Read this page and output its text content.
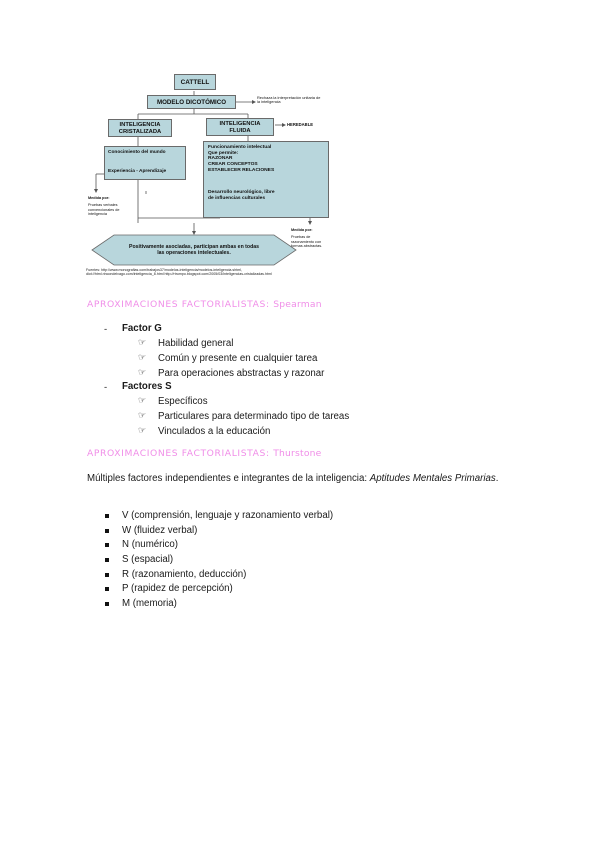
CATTELL
MODELO DICOTÓMICO
Rechaza la interpretación unitaria de
la inteligencia
INTELIGENCIA
CRISTALIZADA
INTELIGENCIA
FLUIDA
HEREDABLE
Conocimiento del mundo
Experiencia - Aprendizaje
Funcionamiento intelectual
Que permite:
RAZONAR
CREAR CONCEPTOS
ESTABLECER RELACIONES
Desarrollo neurológico, libre
de influencias culturales
Medida por:
Pruebas verbales
convencionales de
inteligencia
Medida por:
Pruebas de
razonamiento con
formas abstractas.
Positivamente asociadas, participan ambas en todas
las operaciones intelectuales.
Fuentes: http://www.monografias.com/trabajos37/modelos-inteligencia/modelos-inteligencia.shtml,
diot://html.rincondelvago.com/inteligencia_8.html http://rtrumpo.blogspot.com/2005/03/inteligencias-cristalizadas.html
APROXIMACIONES FACTORIALISTAS: Spearman
- Factor G
☞ Habilidad general
☞ Común y presente en cualquier tarea
☞ Para operaciones abstractas y razonar
- Factores S
☞ Específicos
☞ Particulares para determinado tipo de tareas
☞ Vinculados a la educación
APROXIMACIONES FACTORIALISTAS: Thurstone
Múltiples factores independientes e integrantes de la inteligencia: Aptitudes Mentales Primarias.
V (comprensión, lenguaje y razonamiento verbal)
W (fluidez verbal)
N (numérico)
S (espacial)
R (razonamiento, deducción)
P (rapidez de percepción)
M (memoria)
